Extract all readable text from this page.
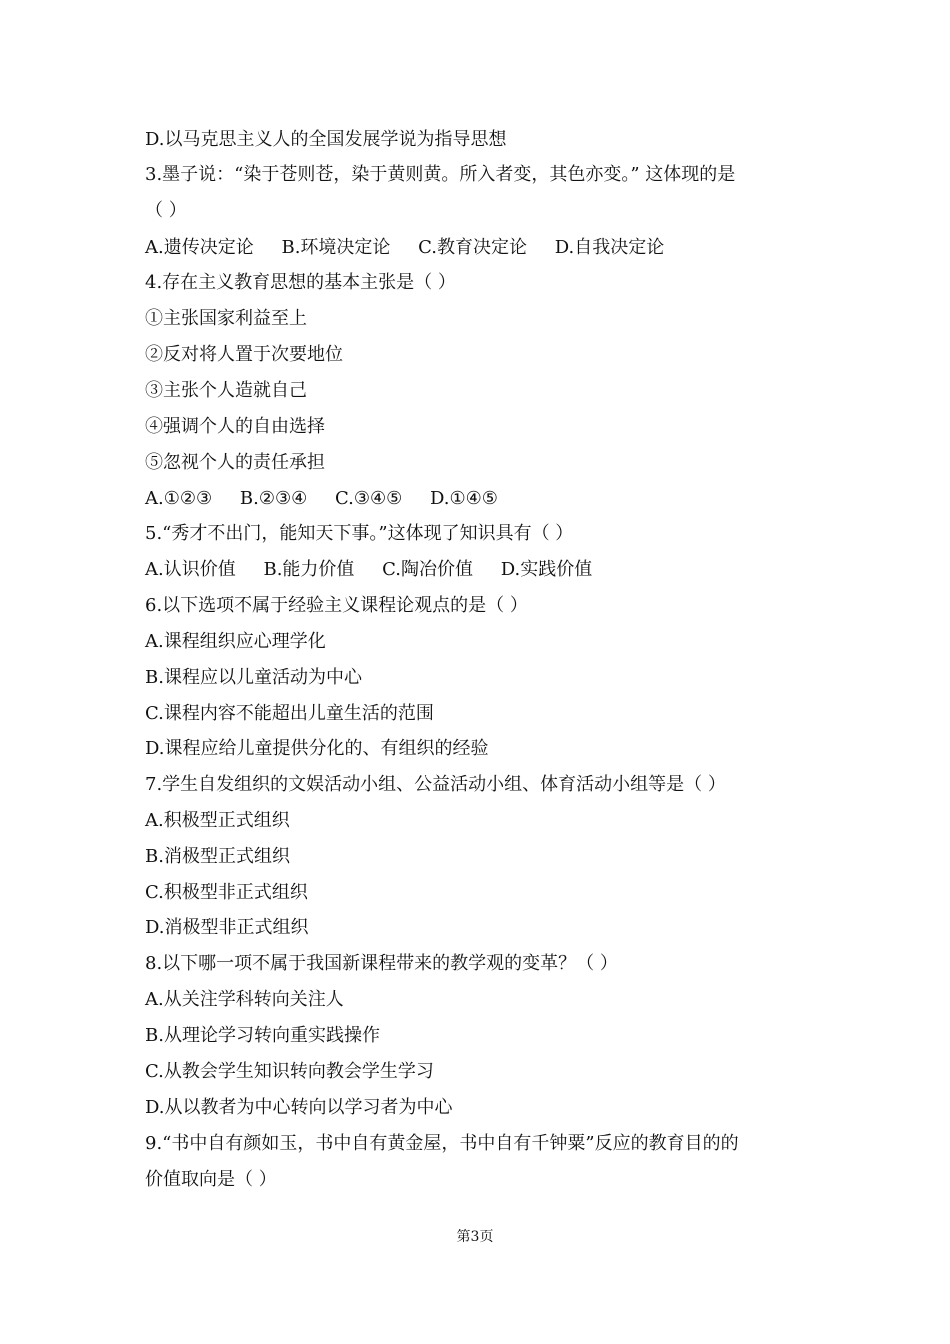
D.以马克思主义人的全国发展学说为指导思想
3.墨子说：“染于苍则苍，染于黄则黄。所入者变，其色亦变。” 这体现的是
（ ）
A.遗传决定论 B.环境决定论 C.教育决定论 D.自我决定论
4.存在主义教育思想的基本主张是（ ）
①主张国家利益至上
②反对将人置于次要地位
③主张个人造就自己
④强调个人的自由选择
⑤忽视个人的责任承担
A.①②③ B.②③④ C.③④⑤ D.①④⑤
5.“秀才不出门，能知天下事。”这体现了知识具有（ ）
A.认识价值 B.能力价值 C.陶冶价值 D.实践价值
6.以下选项不属于经验主义课程论观点的是（ ）
A.课程组织应心理学化
B.课程应以儿童活动为中心
C.课程内容不能超出儿童生活的范围
D.课程应给儿童提供分化的、有组织的经验
7.学生自发组织的文娱活动小组、公益活动小组、体育活动小组等是（ ）
A.积极型正式组织
B.消极型正式组织
C.积极型非正式组织
D.消极型非正式组织
8.以下哪一项不属于我国新课程带来的教学观的变革？（ ）
A.从关注学科转向关注人
B.从理论学习转向重实践操作
C.从教会学生知识转向教会学生学习
D.从以教者为中心转向以学习者为中心
9.“书中自有颜如玉，书中自有黄金屋，书中自有千钟粟”反应的教育目的的
价值取向是（ ）
第3页
